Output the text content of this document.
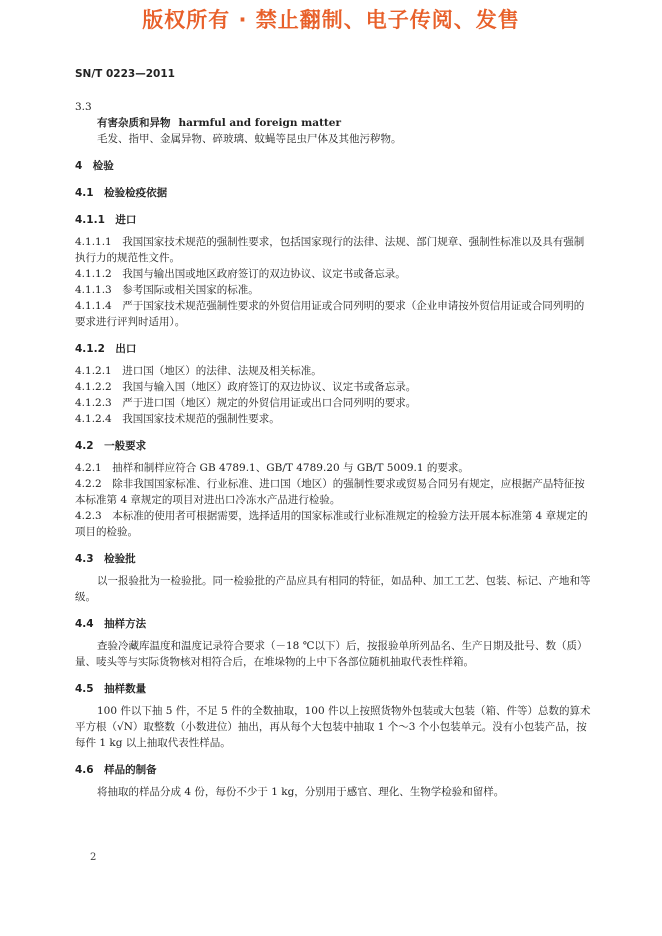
版权所有 · 禁止翻制、电子传阅、发售
SN/T 0223—2011

3.3

有害杂质和异物 harmful and foreign matter

毛发、指甲、金属异物、碎玻璃、蚊蝇等昆虫尸体及其他污秽物。

4　检验

4.1　检验检疫依据

4.1.1　进口

4.1.1.1　我国国家技术规范的强制性要求，包括国家现行的法律、法规、部门规章、强制性标准以及具有强制执行力的规范性文件。

4.1.1.2　我国与输出国或地区政府签订的双边协议、议定书或备忘录。

4.1.1.3　参考国际或相关国家的标准。

4.1.1.4　严于国家技术规范强制性要求的外贸信用证或合同列明的要求（企业申请按外贸信用证或合同列明的要求进行评判时适用）。

4.1.2　出口

4.1.2.1　进口国（地区）的法律、法规及相关标准。

4.1.2.2　我国与输入国（地区）政府签订的双边协议、议定书或备忘录。

4.1.2.3　严于进口国（地区）规定的外贸信用证或出口合同列明的要求。

4.1.2.4　我国国家技术规范的强制性要求。

4.2　一般要求

4.2.1　抽样和制样应符合 GB 4789.1、GB/T 4789.20 与 GB/T 5009.1 的要求。

4.2.2　除非我国国家标准、行业标准、进口国（地区）的强制性要求或贸易合同另有规定，应根据产品特征按本标准第 4 章规定的项目对进出口冷冻水产品进行检验。

4.2.3　本标准的使用者可根据需要，选择适用的国家标准或行业标准规定的检验方法开展本标准第 4 章规定的项目的检验。

4.3　检验批

以一报验批为一检验批。同一检验批的产品应具有相同的特征，如品种、加工工艺、包装、标记、产地和等级。

4.4　抽样方法

查验冷藏库温度和温度记录符合要求（－18 ℃以下）后，按报验单所列品名、生产日期及批号、数（质）量、唛头等与实际货物核对相符合后，在堆垛物的上中下各部位随机抽取代表性样箱。

4.5　抽样数量

100 件以下抽 5 件，不足 5 件的全数抽取，100 件以上按照货物外包装或大包装（箱、件等）总数的算术平方根（√N）取整数（小数进位）抽出，再从每个大包装中抽取 1 个～3 个小包装单元。没有小包装产品，按每件 1 kg 以上抽取代表性样品。

4.6　样品的制备

将抽取的样品分成 4 份，每份不少于 1 kg，分别用于感官、理化、生物学检验和留样。

2
